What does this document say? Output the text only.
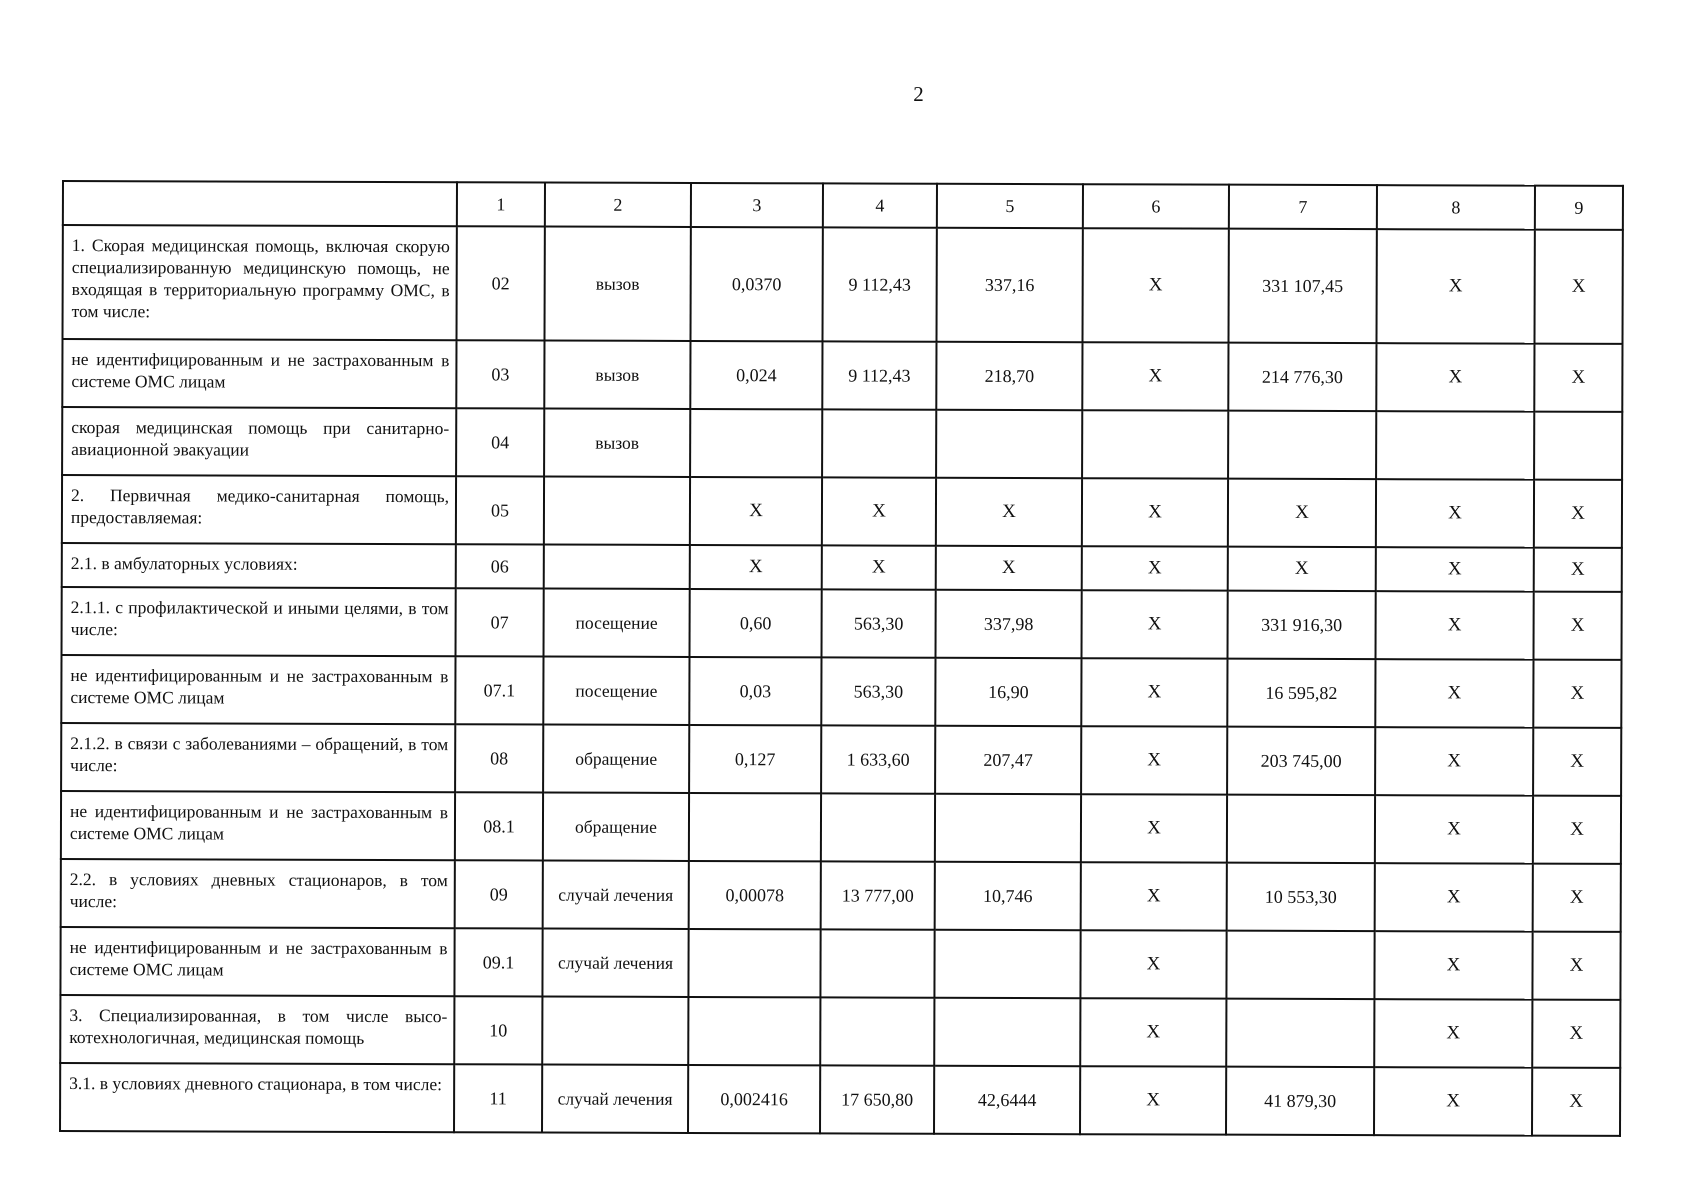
2
	1	2	3	4	5	6	7	8	9
1. Скорая медицинская помощь, включая скорую специализированную медицинскую помощь, не входящая в территориальную программу ОМС, в том числе:	02	вызов	0,0370	9 112,43	337,16	X	331 107,45	X	X
не идентифицированным и не застрахованным в системе ОМС лицам	03	вызов	0,024	9 112,43	218,70	X	214 776,30	X	X
скорая медицинская помощь при санитарно-авиационной эвакуации	04	вызов							
2. Первичная медико-санитарная помощь, предоставляемая:	05		X	X	X	X	X	X	X
2.1. в амбулаторных условиях:	06		X	X	X	X	X	X	X
2.1.1. с профилактической и иными целями, в том числе:	07	посещение	0,60	563,30	337,98	X	331 916,30	X	X
не идентифицированным и не застрахованным в системе ОМС лицам	07.1	посещение	0,03	563,30	16,90	X	16 595,82	X	X
2.1.2. в связи с заболеваниями – обращений, в том числе:	08	обращение	0,127	1 633,60	207,47	X	203 745,00	X	X
не идентифицированным и не застрахованным в системе ОМС лицам	08.1	обращение				X		X	X
2.2. в условиях дневных стационаров, в том числе:	09	случай лечения	0,00078	13 777,00	10,746	X	10 553,30	X	X
не идентифицированным и не застрахованным в системе ОМС лицам	09.1	случай лечения				X		X	X
3. Специализированная, в том числе высокотехнологичная, медицинская помощь	10					X		X	X
3.1. в условиях дневного стационара, в том числе:	11	случай лечения	0,002416	17 650,80	42,6444	X	41 879,30	X	X
